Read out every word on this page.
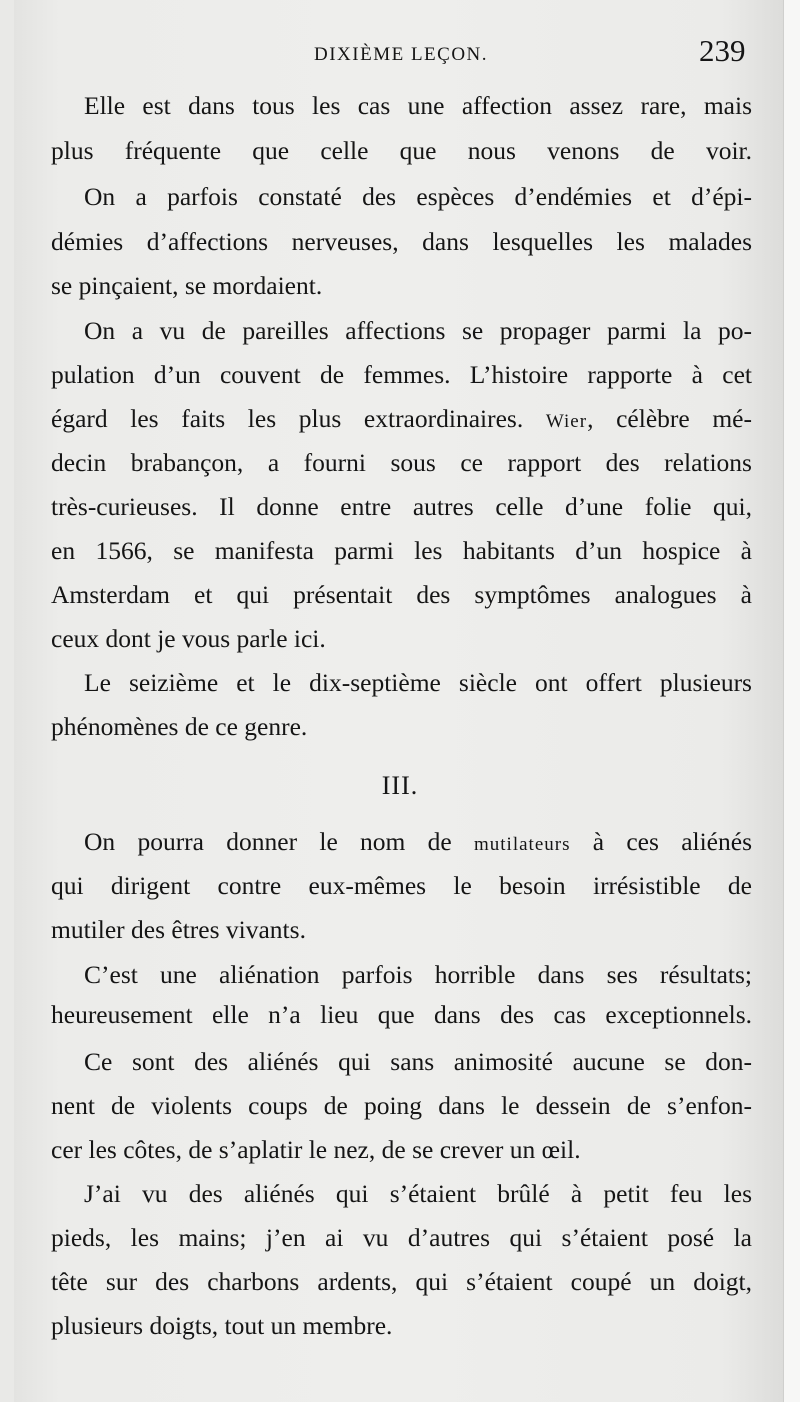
DIXIÈME LEÇON.	239

Elle est dans tous les cas une affection assez rare, mais

plus fréquente que celle que nous venons de voir.

On a parfois constaté des espèces d’endémies et d’épi-

démies d’affections nerveuses, dans lesquelles les malades

se pinçaient, se mordaient.

On a vu de pareilles affections se propager parmi la po-

pulation d’un couvent de femmes. L’histoire rapporte à cet

égard les faits les plus extraordinaires. Wier, célèbre mé-

decin brabançon, a fourni sous ce rapport des relations

très-curieuses. Il donne entre autres celle d’une folie qui,

en 1566, se manifesta parmi les habitants d’un hospice à

Amsterdam et qui présentait des symptômes analogues à

ceux dont je vous parle ici.

Le seizième et le dix-septième siècle ont offert plusieurs

phénomènes de ce genre.

III.

On pourra donner le nom de mutilateurs à ces aliénés

qui dirigent contre eux-mêmes le besoin irrésistible de

mutiler des êtres vivants.

C’est une aliénation parfois horrible dans ses résultats;

heureusement elle n’a lieu que dans des cas exceptionnels.

Ce sont des aliénés qui sans animosité aucune se don-

nent de violents coups de poing dans le dessein de s’enfon-

cer les côtes, de s’aplatir le nez, de se crever un œil.

J’ai vu des aliénés qui s’étaient brûlé à petit feu les

pieds, les mains; j’en ai vu d’autres qui s’étaient posé la

tête sur des charbons ardents, qui s’étaient coupé un doigt,

plusieurs doigts, tout un membre.
